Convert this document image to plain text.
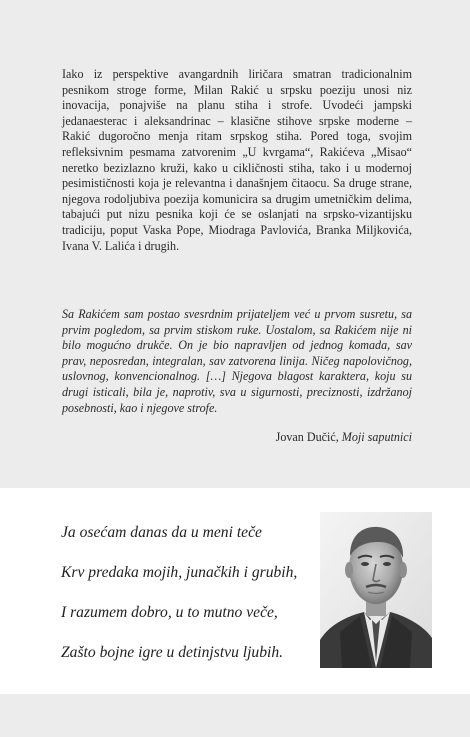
Iako iz perspektive avangardnih liričara smatran tradicionalnim pesnikom stroge forme, Milan Rakić u srpsku poeziju unosi niz inovacija, ponajviše na planu stiha i strofe. Uvodeći jampski jedanaesterac i aleksandrinac – klasične stihove srpske moderne – Rakić dugoročno menja ritam srpskog stiha. Pored toga, svojim refleksivnim pesmama zatvorenim „U kvrgama“, Rakićeva „Misao“ neretko bezizlazno kruži, kako u cikličnosti stiha, tako i u modernoj pesimističnosti koja je relevantna i današnjem čitaocu. Sa druge strane, njegova rodoljubiva poezija komunicira sa drugim umetničkim delima, tabajući put nizu pesnika koji će se oslanjati na srpsko-vizantijsku tradiciju, poput Vaska Pope, Miodraga Pavlovića, Branka Miljkovića, Ivana V. Lalića i drugih.

Sa Rakićem sam postao svesrdnim prijateljem već u prvom susretu, sa prvim pogledom, sa prvim stiskom ruke. Uostalom, sa Rakićem nije ni bilo mogućno drukče. On je bio napravljen od jednog komada, sav prav, neposredan, integralan, sav zatvorena linija. Ničeg napolovičnog, uslovnog, konvencionalnog. […] Njegova blagost karaktera, koju su drugi isticali, bila je, naprotiv, sva u sigurnosti, preciznosti, izdržanoj posebnosti, kao i njegove strofe.

Jovan Dučić, Moji saputnici
Ja osećam danas da u meni teče
Krv predaka mojih, junačkih i grubih,
I razumem dobro, u to mutno veče,
Zašto bojne igre u detinjstvu ljubih.
